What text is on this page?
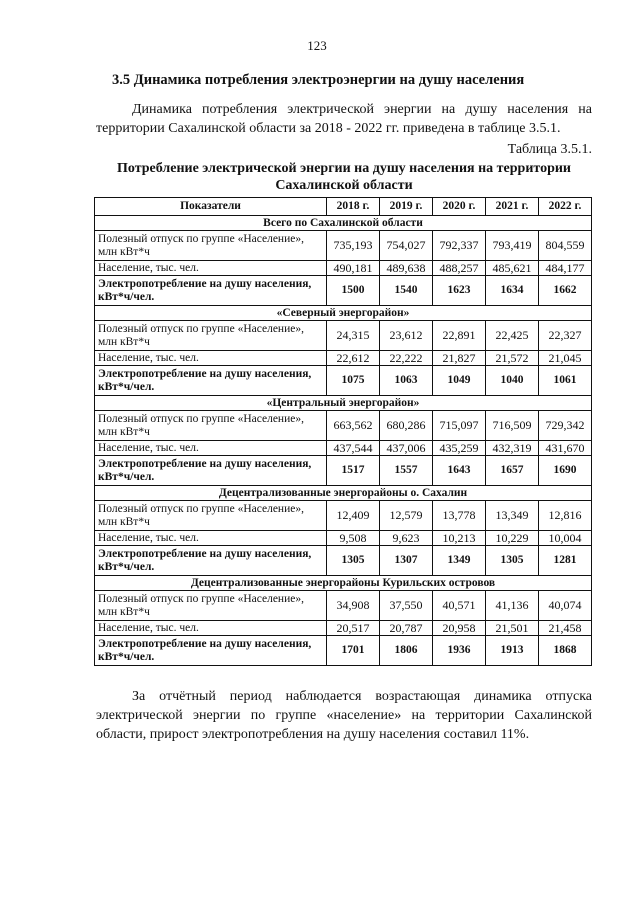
123
3.5 Динамика потребления электроэнергии на душу населения

Динамика потребления электрической энергии на душу населения на территории Сахалинской области за 2018 - 2022 гг. приведена в таблице 3.5.1.

Таблица 3.5.1.
Потребление электрической энергии на душу населения на территории
Сахалинской области
Показатели	2018 г.	2019 г.	2020 г.	2021 г.	2022 г.
Всего по Сахалинской области					
Полезный отпуск по группе «Население», млн кВт*ч	735,193	754,027	792,337	793,419	804,559
Население, тыс. чел.	490,181	489,638	488,257	485,621	484,177
Электропотребление на душу населения, кВт*ч/чел.	1500	1540	1623	1634	1662
«Северный энергорайон»					
Полезный отпуск по группе «Население», млн кВт*ч	24,315	23,612	22,891	22,425	22,327
Население, тыс. чел.	22,612	22,222	21,827	21,572	21,045
Электропотребление на душу населения, кВт*ч/чел.	1075	1063	1049	1040	1061
«Центральный энергорайон»					
Полезный отпуск по группе «Население», млн кВт*ч	663,562	680,286	715,097	716,509	729,342
Население, тыс. чел.	437,544	437,006	435,259	432,319	431,670
Электропотребление на душу населения, кВт*ч/чел.	1517	1557	1643	1657	1690
Децентрализованные энергорайоны о. Сахалин					
Полезный отпуск по группе «Население», млн кВт*ч	12,409	12,579	13,778	13,349	12,816
Население, тыс. чел.	9,508	9,623	10,213	10,229	10,004
Электропотребление на душу населения, кВт*ч/чел.	1305	1307	1349	1305	1281
Децентрализованные энергорайоны Курильских островов					
Полезный отпуск по группе «Население», млн кВт*ч	34,908	37,550	40,571	41,136	40,074
Население, тыс. чел.	20,517	20,787	20,958	21,501	21,458
Электропотребление на душу населения, кВт*ч/чел.	1701	1806	1936	1913	1868

За отчётный период наблюдается возрастающая динамика отпуска электрической энергии по группе «население» на территории Сахалинской области, прирост электропотребления на душу населения составил 11%.
